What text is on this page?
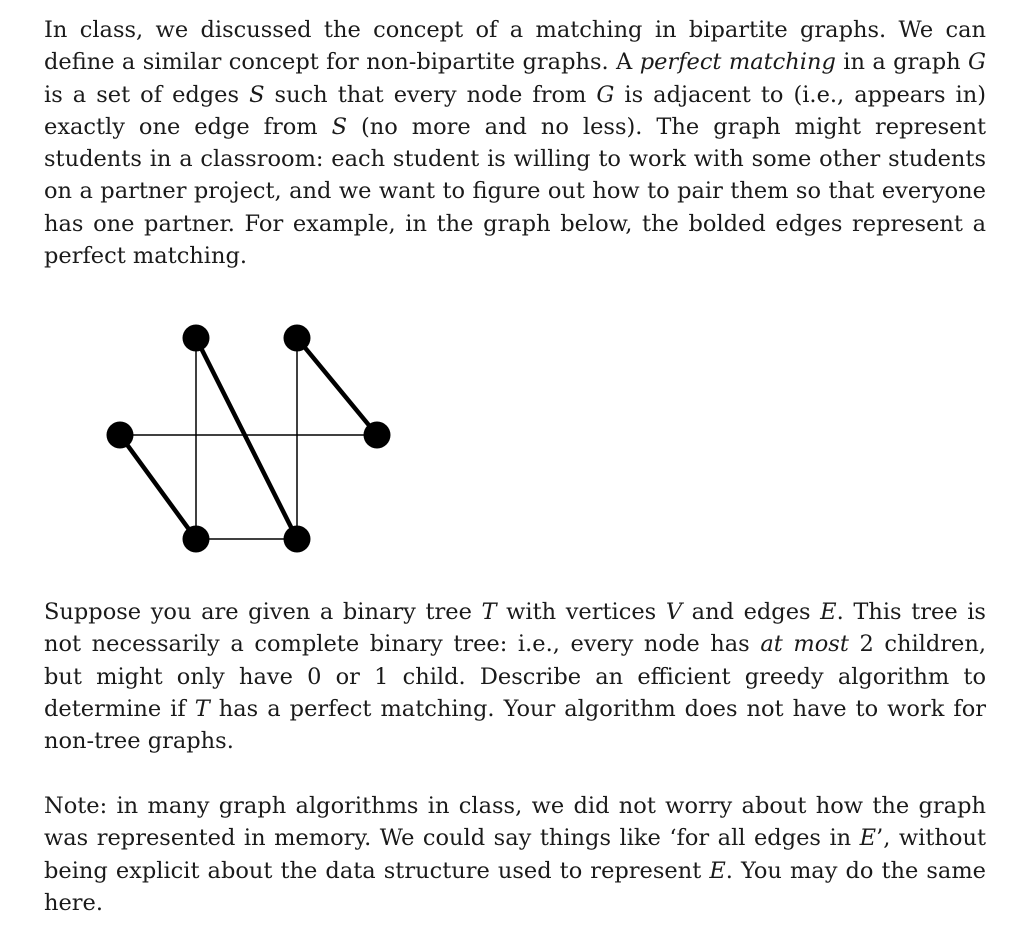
In class, we discussed the concept of a matching in bipartite graphs. We can define a similar concept for non-bipartite graphs. A perfect matching in a graph G is a set of edges S such that every node from G is adjacent to (i.e., appears in) exactly one edge from S (no more and no less). The graph might represent students in a classroom: each student is willing to work with some other students on a partner project, and we want to figure out how to pair them so that everyone has one partner. For example, in the graph below, the bolded edges represent a perfect matching.

Suppose you are given a binary tree T with vertices V and edges E. This tree is not necessarily a complete binary tree: i.e., every node has at most 2 children, but might only have 0 or 1 child. Describe an efficient greedy algorithm to determine if T has a perfect matching. Your algorithm does not have to work for non-tree graphs.

Note: in many graph algorithms in class, we did not worry about how the graph was represented in memory. We could say things like ‘for all edges in E’, without being explicit about the data structure used to represent E. You may do the same here.
